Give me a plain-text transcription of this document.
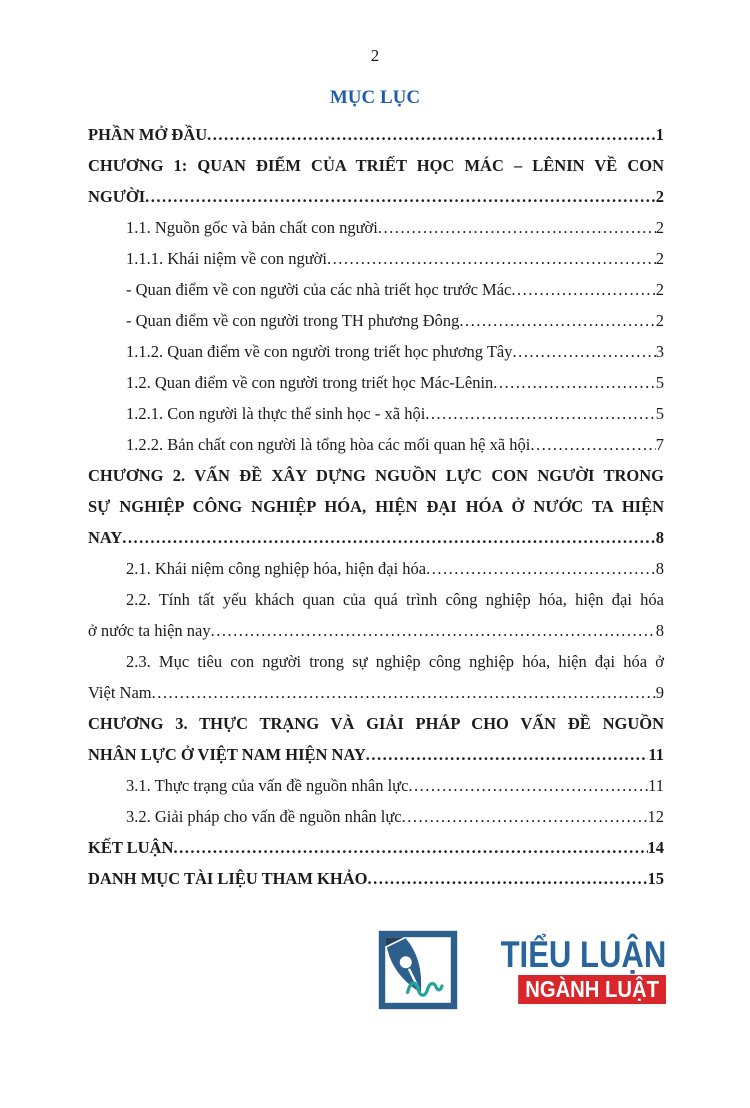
2
MỤC LỤC
PHẦN MỞ ĐẦU .....	1
CHƯƠNG 1: QUAN ĐIỂM CỦA TRIẾT HỌC MÁC – LÊNIN VỀ CON
NGƯỜI .....	2
1.1. Nguồn gốc và bản chất con người .....	2
1.1.1. Khái niệm về con người .....	2
- Quan điểm về con người của các nhà triết học trước Mác .....	2
- Quan điểm về con người trong TH phương Đông .....	2
1.1.2. Quan điểm về con người trong triết học phương Tây .....	3
1.2. Quan điểm về con người trong triết học Mác-Lênin .....	5
1.2.1. Con người là thực thể sinh học - xã hội .....	5
1.2.2. Bản chất con người là tổng hòa các mối quan hệ xã hội .....	7
CHƯƠNG 2. VẤN ĐỀ XÂY DỰNG NGUỒN LỰC CON NGƯỜI TRONG
SỰ NGHIỆP CÔNG NGHIỆP HÓA, HIỆN ĐẠI HÓA Ở NƯỚC TA HIỆN
NAY .....	8
2.1. Khái niệm công nghiệp hóa, hiện đại hóa .....	8
2.2. Tính tất yếu khách quan của quá trình công nghiệp hóa, hiện đại hóa
ở nước ta hiện nay .....	8
2.3. Mục tiêu con người trong sự nghiệp công nghiệp hóa, hiện đại hóa ở
Việt Nam .....	9
CHƯƠNG 3. THỰC TRẠNG VÀ GIẢI PHÁP CHO VẤN ĐỀ NGUỒN
NHÂN LỰC Ở VIỆT NAM HIỆN NAY .....	11
3.1. Thực trạng của vấn đề nguồn nhân lực .....	11
3.2. Giải pháp cho vấn đề nguồn nhân lực .....	12
KẾT LUẬN .....	14
DANH MỤC TÀI LIỆU THAM KHẢO .....	15
TIỂU LUẬN
NGÀNH LUẬT
